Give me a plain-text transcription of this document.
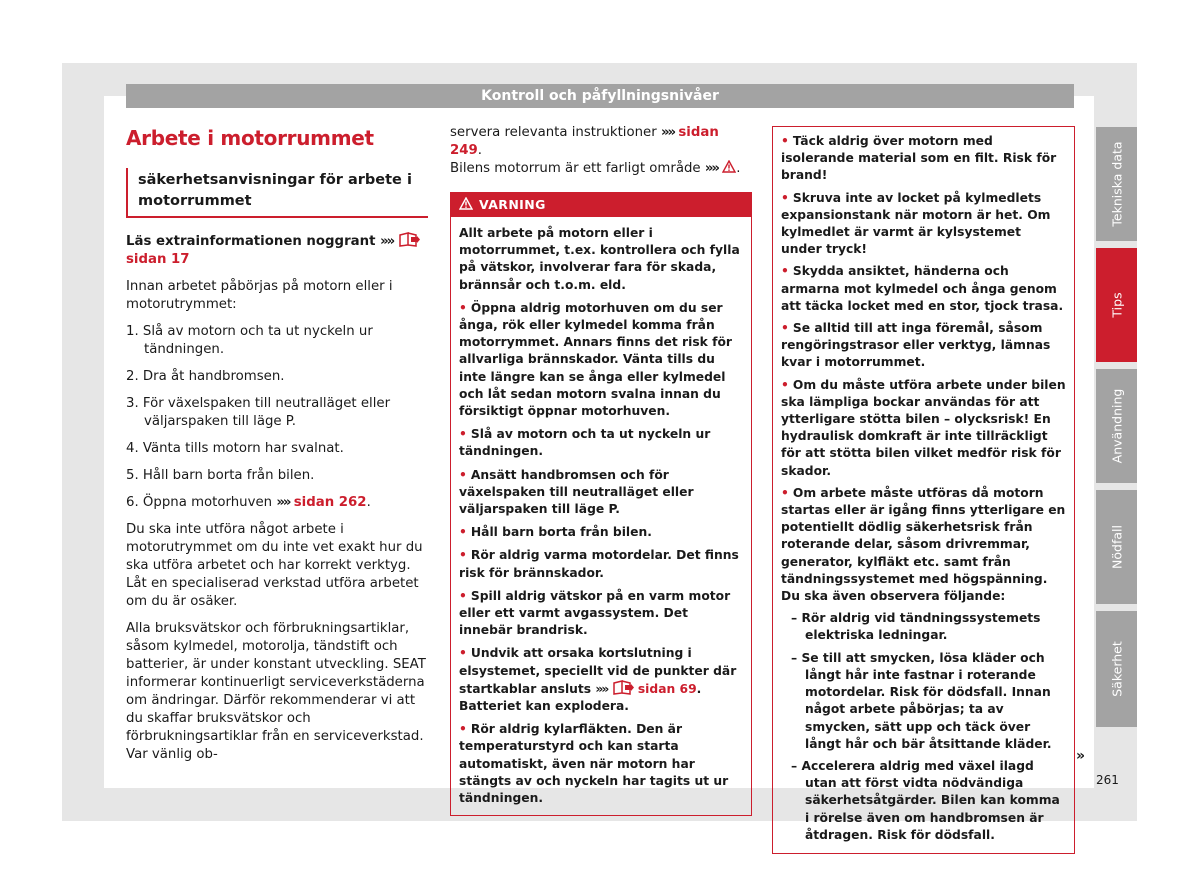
Kontroll och påfyllningsnivåer
Arbete i motorrummet
säkerhetsanvisningar för arbete i motorrummet
Läs extrainformationen noggrant »»  sidan 17
Innan arbetet påbörjas på motorn eller i motorutrymmet:
1. Slå av motorn och ta ut nyckeln ur tändningen.
2. Dra åt handbromsen.
3. För växelspaken till neutralläget eller väljarspaken till läge P.
4. Vänta tills motorn har svalnat.
5. Håll barn borta från bilen.
6. Öppna motorhuven »» sidan 262.
Du ska inte utföra något arbete i motorutrymmet om du inte vet exakt hur du ska utföra arbetet och har korrekt verktyg. Låt en specialiserad verkstad utföra arbetet om du är osäker.
Alla bruksvätskor och förbrukningsartiklar, såsom kylmedel, motorolja, tändstift och batterier, är under konstant utveckling. SEAT informerar kontinuerligt serviceverkstäderna om ändringar. Därför rekommenderar vi att du skaffar bruksvätskor och förbrukningsartiklar från en serviceverkstad. Var vänlig ob-
servera relevanta instruktioner »» sidan 249.
Bilens motorrum är ett farligt område »» .
VARNING
Allt arbete på motorn eller i motorrummet, t.ex. kontrollera och fylla på vätskor, involverar fara för skada, brännsår och t.o.m. eld.
• Öppna aldrig motorhuven om du ser ånga, rök eller kylmedel komma från motorrymmet. Annars finns det risk för allvarliga brännskador. Vänta tills du inte längre kan se ånga eller kylmedel och låt sedan motorn svalna innan du försiktigt öppnar motorhuven.
• Slå av motorn och ta ut nyckeln ur tändningen.
• Ansätt handbromsen och för växelspaken till neutralläget eller väljarspaken till läge P.
• Håll barn borta från bilen.
• Rör aldrig varma motordelar. Det finns risk för brännskador.
• Spill aldrig vätskor på en varm motor eller ett varmt avgassystem. Det innebär brandrisk.
• Undvik att orsaka kortslutning i elsystemet, speciellt vid de punkter där startkablar ansluts »» sidan 69. Batteriet kan explodera.
• Rör aldrig kylarfläkten. Den är temperaturstyrd och kan starta automatiskt, även när motorn har stängts av och nyckeln har tagits ut ur tändningen.
• Täck aldrig över motorn med isolerande material som en filt. Risk för brand!
• Skruva inte av locket på kylmedlets expansionstank när motorn är het. Om kylmedlet är varmt är kylsystemet under tryck!
• Skydda ansiktet, händerna och armarna mot kylmedel och ånga genom att täcka locket med en stor, tjock trasa.
• Se alltid till att inga föremål, såsom rengöringstrasor eller verktyg, lämnas kvar i motorrummet.
• Om du måste utföra arbete under bilen ska lämpliga bockar användas för att ytterligare stötta bilen – olycksrisk! En hydraulisk domkraft är inte tillräckligt för att stötta bilen vilket medför risk för skador.
• Om arbete måste utföras då motorn startas eller är igång finns ytterligare en potentiellt dödlig säkerhetsrisk från roterande delar, såsom drivremmar, generator, kylfläkt etc. samt från tändningssystemet med högspänning. Du ska även observera följande:
– Rör aldrig vid tändningssystemets elektriska ledningar.
– Se till att smycken, lösa kläder och långt hår inte fastnar i roterande motordelar. Risk för dödsfall. Innan något arbete påbörjas; ta av smycken, sätt upp och täck över långt hår och bär åtsittande kläder.
– Accelerera aldrig med växel ilagd utan att först vidta nödvändiga säkerhetsåtgärder. Bilen kan komma i rörelse även om handbromsen är åtdragen. Risk för dödsfall.
»
261
Tekniska data
Tips
Användning
Nödfall
Säkerhet
